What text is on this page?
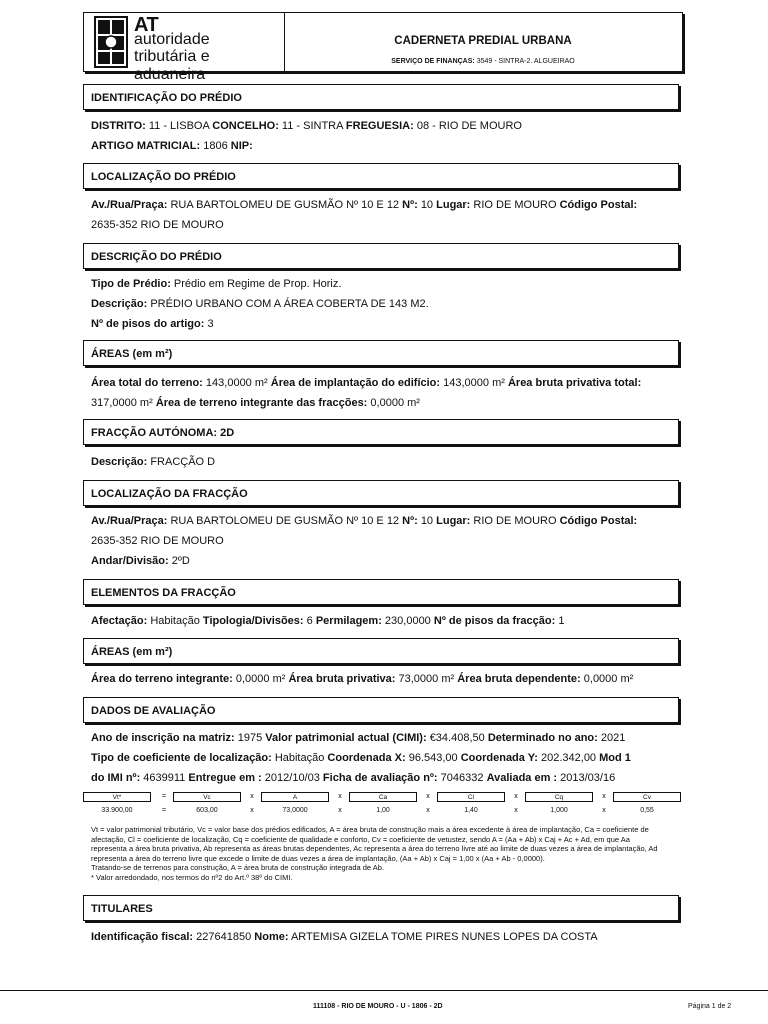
AT
autoridade
tributária e aduaneira
CADERNETA PREDIAL URBANA
SERVIÇO DE FINANÇAS: 3549 - SINTRA-2. ALGUEIRAO
IDENTIFICAÇÃO DO PRÉDIO
DISTRITO: 11 - LISBOA CONCELHO: 11 - SINTRA FREGUESIA: 08 - RIO DE MOURO
ARTIGO MATRICIAL: 1806 NIP:
LOCALIZAÇÃO DO PRÉDIO
Av./Rua/Praça: RUA BARTOLOMEU DE GUSMÃO Nº 10 E 12 Nº: 10 Lugar: RIO DE MOURO Código Postal:
2635-352 RIO DE MOURO
DESCRIÇÃO DO PRÉDIO
Tipo de Prédio: Prédio em Regime de Prop. Horiz.
Descrição: PRÉDIO URBANO COM A ÁREA COBERTA DE 143 M2.
Nº de pisos do artigo: 3
ÁREAS (em m²)
Área total do terreno: 143,0000 m² Área de implantação do edifício: 143,0000 m² Área bruta privativa total:
317,0000 m² Área de terreno integrante das fracções: 0,0000 m²
FRACÇÃO AUTÓNOMA: 2D
Descrição: FRACÇÃO D
LOCALIZAÇÃO DA FRACÇÃO
Av./Rua/Praça: RUA BARTOLOMEU DE GUSMÃO Nº 10 E 12 Nº: 10 Lugar: RIO DE MOURO Código Postal:
2635-352 RIO DE MOURO
Andar/Divisão: 2ºD
ELEMENTOS DA FRACÇÃO
Afectação: Habitação Tipologia/Divisões: 6 Permilagem: 230,0000 Nº de pisos da fracção: 1
ÁREAS (em m²)
Área do terreno integrante: 0,0000 m² Área bruta privativa: 73,0000 m² Área bruta dependente: 0,0000 m²
DADOS DE AVALIAÇÃO
Ano de inscrição na matriz: 1975 Valor patrimonial actual (CIMI): €34.408,50 Determinado no ano: 2021
Tipo de coeficiente de localização: Habitação Coordenada X: 96.543,00 Coordenada Y: 202.342,00 Mod 1
do IMI nº: 4639911 Entregue em : 2012/10/03 Ficha de avaliação nº: 7046332 Avaliada em : 2013/03/16
Vt*	=	Vc	x	A	x	Ca	x	Cl	x	Cq	x	Cv
33.900,00	=	603,00	x	73,0000	x	1,00	x	1,40	x	1,000	x	0,55
Vt = valor patrimonial tributário, Vc = valor base dos prédios edificados, A = área bruta de construção mais a área excedente à área de implantação, Ca = coeficiente de
afectação, Cl = coeficiente de localização, Cq = coeficiente de qualidade e conforto, Cv = coeficiente de vetustez, sendo A = (Aa + Ab) x Caj + Ac + Ad, em que Aa
representa a área bruta privativa, Ab representa as áreas brutas dependentes, Ac representa a área do terreno livre até ao limite de duas vezes a área de implantação, Ad
representa a área do terreno livre que excede o limite de duas vezes a área de implantação, (Aa + Ab) x Caj = 1,00 x (Aa + Ab - 0,0000).
Tratando-se de terrenos para construção, A = área bruta de construção integrada de Ab.
* Valor arredondado, nos termos do nº2 do Art.º 38º do CIMI.
TITULARES
Identificação fiscal: 227641850 Nome: ARTEMISA GIZELA TOME PIRES NUNES LOPES DA COSTA
111108 - RIO DE MOURO - U - 1806 - 2D	Página 1 de 2
